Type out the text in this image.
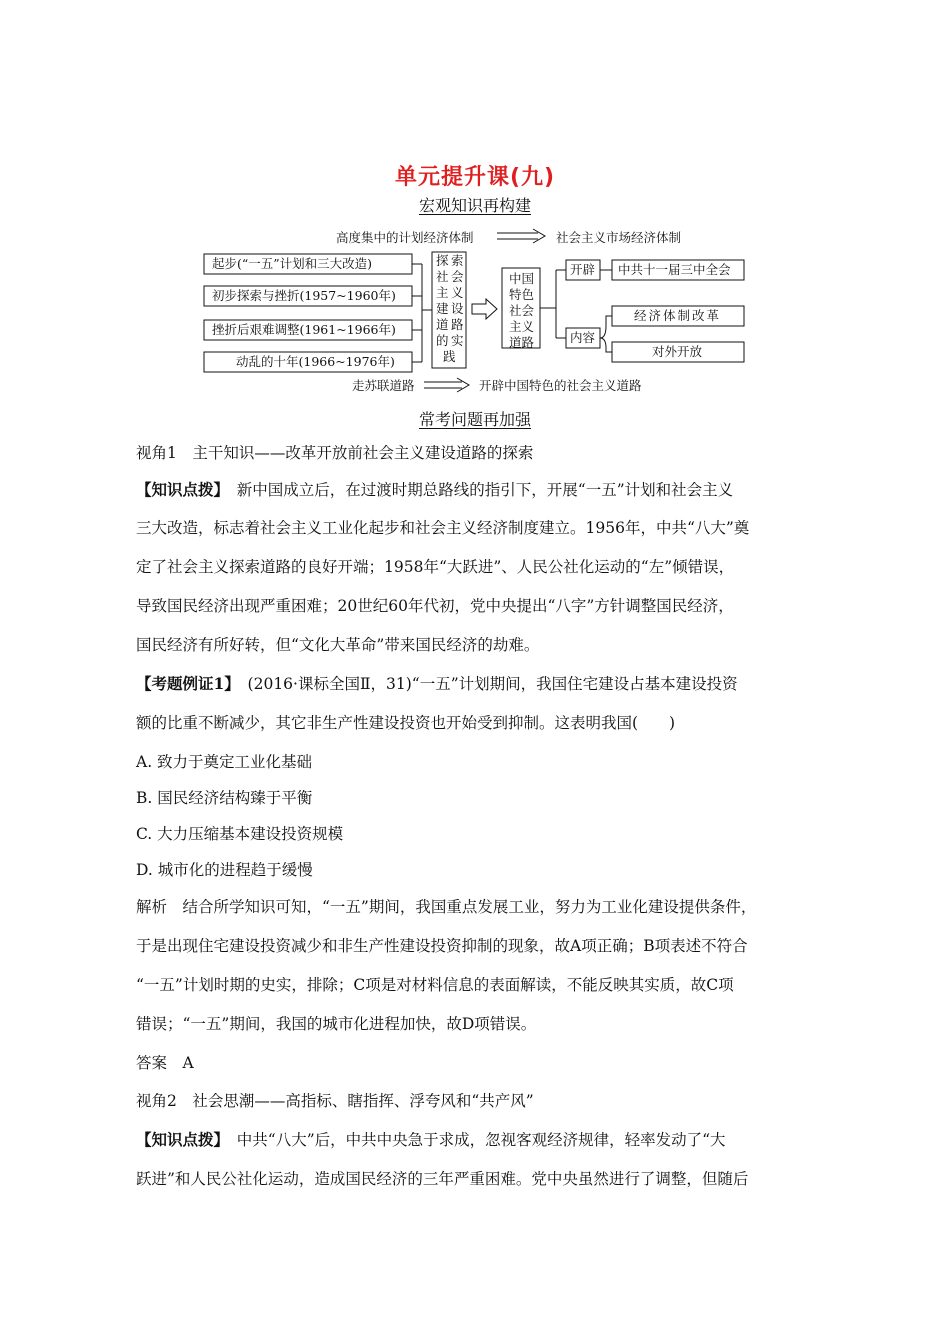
单元提升课(九)
宏观知识再构建
高度集中的计划经济体制	社会主义市场经济体制
起步(“一五”计划和三大改造)
初步探索与挫折(1957~1960年)
挫折后艰难调整(1961~1966年)
动乱的十年(1966~1976年)
探 索
社 会
主 义
建 设
道 路
的 实
践
中国
特色
社会
主义
道路
开辟 中共十一届三中全会
内容
经济体制改革
对外开放
走苏联道路	开辟中国特色的社会主义道路
常考问题再加强
视角1　主干知识——改革开放前社会主义建设道路的探索
【知识点拨】　新中国成立后，在过渡时期总路线的指引下，开展“一五”计划和社会主义
三大改造，标志着社会主义工业化起步和社会主义经济制度建立。1956年，中共“八大”奠
定了社会主义探索道路的良好开端；1958年“大跃进”、人民公社化运动的“左”倾错误，
导致国民经济出现严重困难；20世纪60年代初，党中央提出“八字”方针调整国民经济，
国民经济有所好转，但“文化大革命”带来国民经济的劫难。
【考题例证1】　(2016·课标全国Ⅱ，31)“一五”计划期间，我国住宅建设占基本建设投资
额的比重不断减少，其它非生产性建设投资也开始受到抑制。这表明我国(　　)
A. 致力于奠定工业化基础
B. 国民经济结构臻于平衡
C. 大力压缩基本建设投资规模
D. 城市化的进程趋于缓慢
解析　结合所学知识可知，“一五”期间，我国重点发展工业，努力为工业化建设提供条件，
于是出现住宅建设投资减少和非生产性建设投资抑制的现象，故A项正确；B项表述不符合
“一五”计划时期的史实，排除；C项是对材料信息的表面解读，不能反映其实质，故C项
错误；“一五”期间，我国的城市化进程加快，故D项错误。
答案　A
视角2　社会思潮——高指标、瞎指挥、浮夸风和“共产风”
【知识点拨】　中共“八大”后，中共中央急于求成，忽视客观经济规律，轻率发动了“大
跃进”和人民公社化运动，造成国民经济的三年严重困难。党中央虽然进行了调整，但随后
